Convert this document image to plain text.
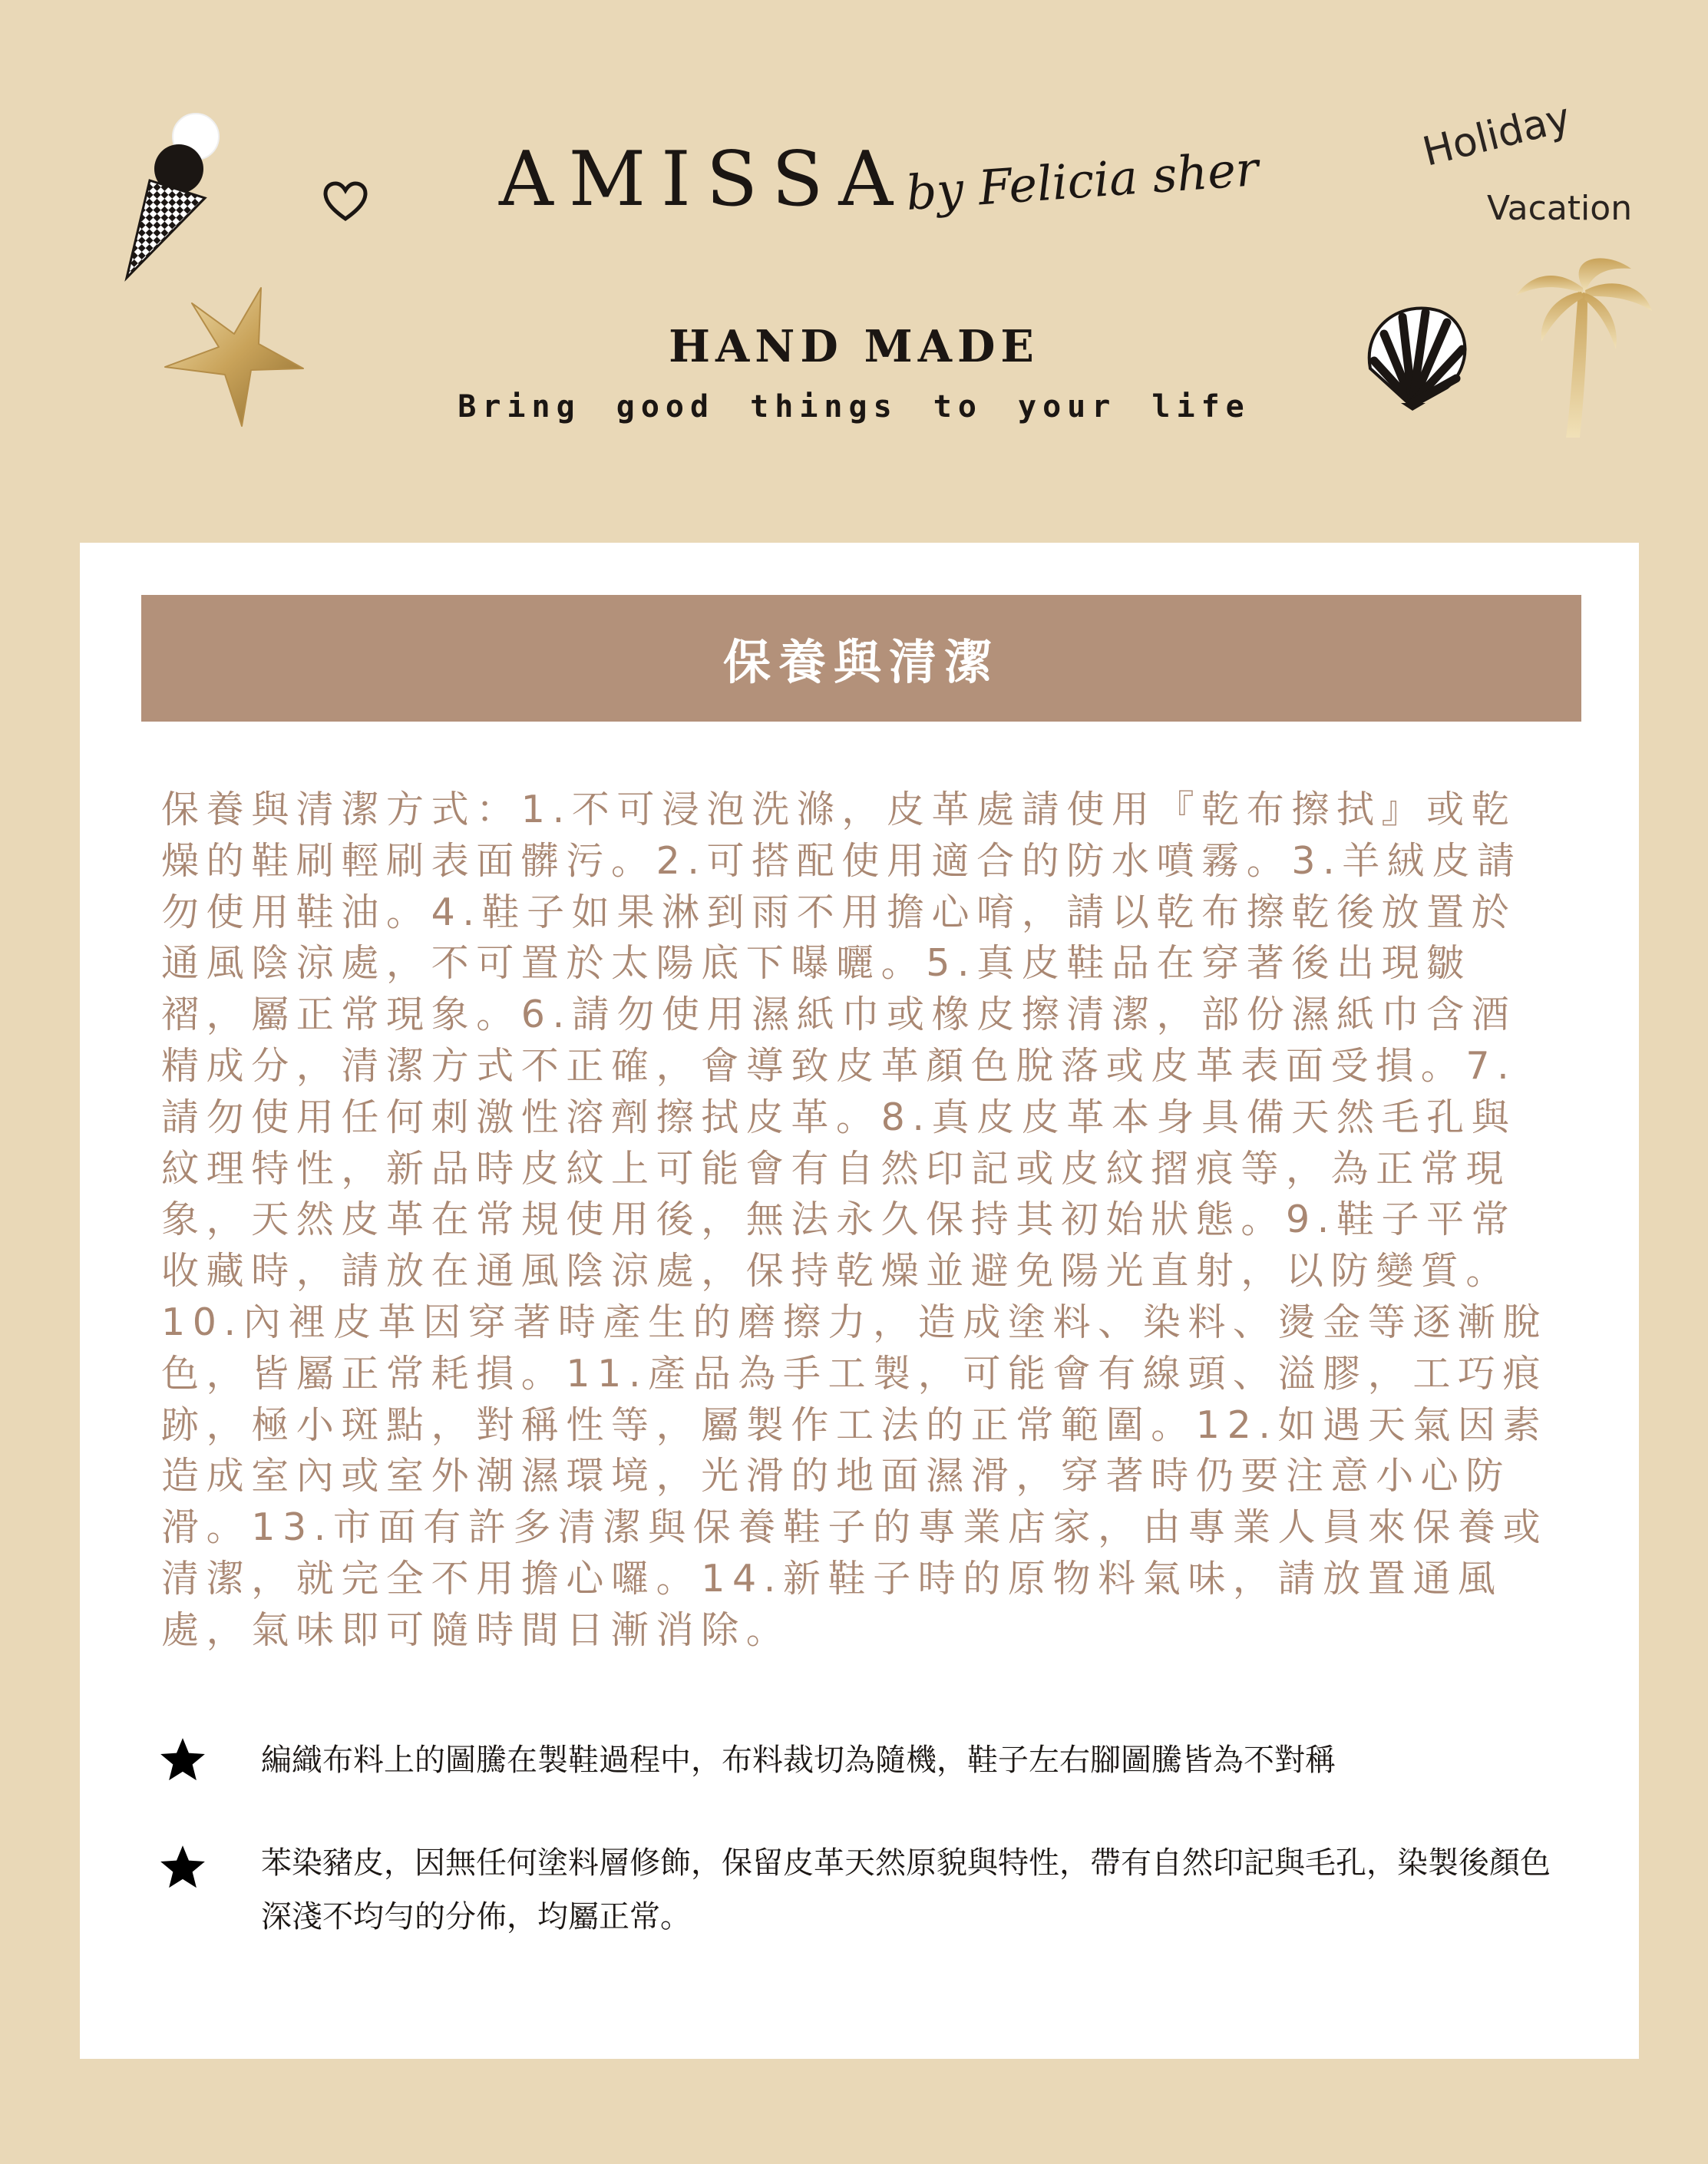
AMISSA
by Felicia sher
Holiday
Vacation
HAND MADE
Bring good things to your life
保養與清潔
保養與清潔方式：1.不可浸泡洗滌，皮革處請使用『乾布擦拭』或乾燥的鞋刷輕刷表面髒污。2.可搭配使用適合的防水噴霧。3.羊絨皮請勿使用鞋油。4.鞋子如果淋到雨不用擔心唷，請以乾布擦乾後放置於通風陰涼處，不可置於太陽底下曝曬。5.真皮鞋品在穿著後出現皺褶，屬正常現象。6.請勿使用濕紙巾或橡皮擦清潔，部份濕紙巾含酒精成分，清潔方式不正確，會導致皮革顏色脫落或皮革表面受損。7.請勿使用任何刺激性溶劑擦拭皮革。8.真皮皮革本身具備天然毛孔與紋理特性，新品時皮紋上可能會有自然印記或皮紋摺痕等，為正常現象，天然皮革在常規使用後，無法永久保持其初始狀態。9.鞋子平常收藏時，請放在通風陰涼處，保持乾燥並避免陽光直射，以防變質。10.內裡皮革因穿著時產生的磨擦力，造成塗料、染料、燙金等逐漸脫色，皆屬正常耗損。11.產品為手工製，可能會有線頭、溢膠，工巧痕跡，極小斑點，對稱性等，屬製作工法的正常範圍。12.如遇天氣因素造成室內或室外潮濕環境，光滑的地面濕滑，穿著時仍要注意小心防滑。13.市面有許多清潔與保養鞋子的專業店家，由專業人員來保養或清潔，就完全不用擔心囉。14.新鞋子時的原物料氣味，請放置通風處，氣味即可隨時間日漸消除。
編織布料上的圖騰在製鞋過程中，布料裁切為隨機，鞋子左右腳圖騰皆為不對稱
苯染豬皮，因無任何塗料層修飾，保留皮革天然原貌與特性，帶有自然印記與毛孔，染製後顏色深淺不均勻的分佈，均屬正常。
